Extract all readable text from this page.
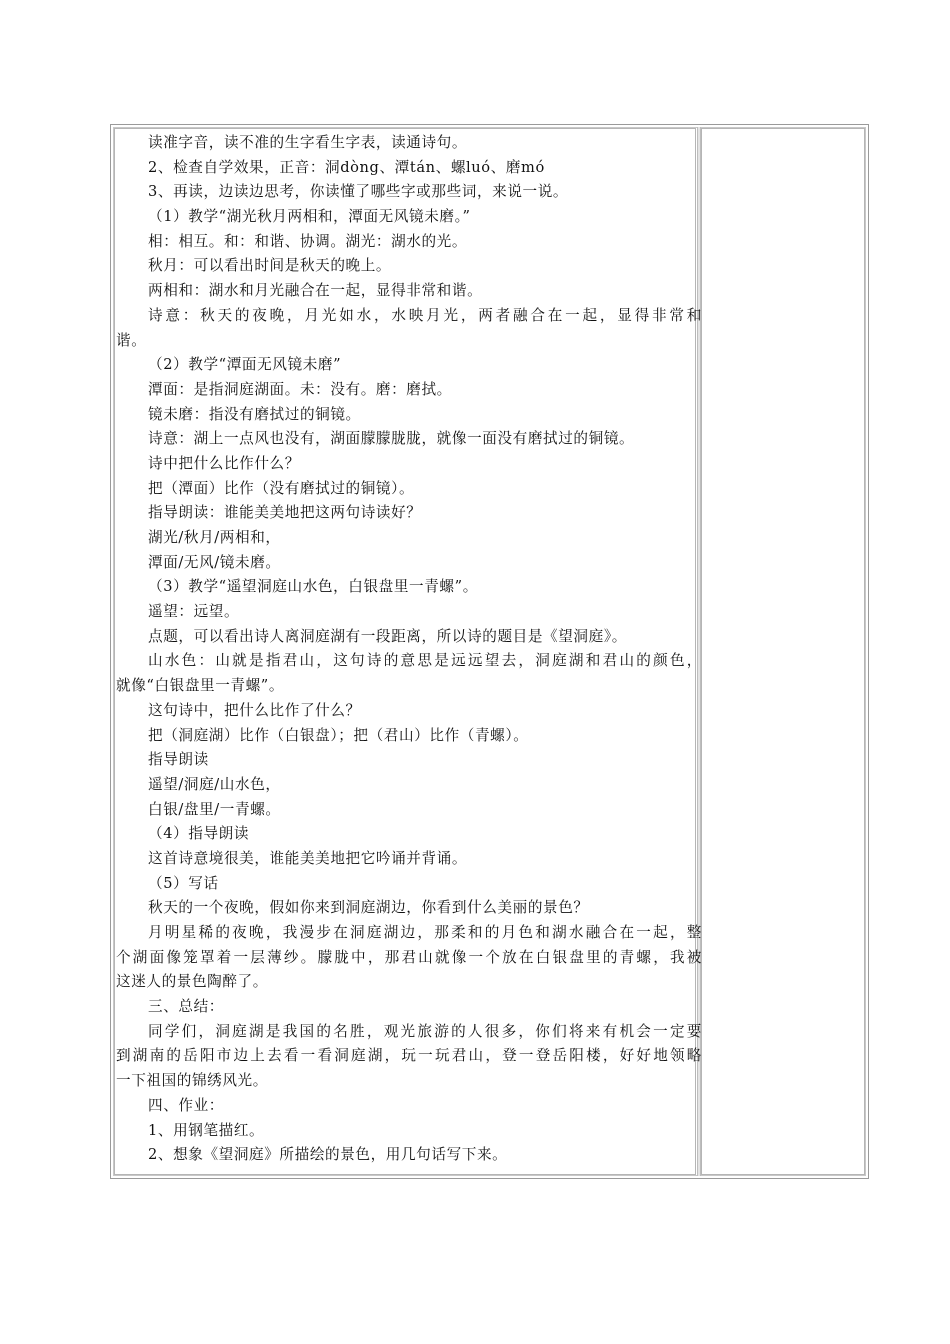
读准字音，读不准的生字看生字表，读通诗句。
2、检查自学效果，正音：洞dòng、潭tán、螺luó、磨mó
3、再读，边读边思考，你读懂了哪些字或那些词，来说一说。
（1）教学“湖光秋月两相和，潭面无风镜未磨。”
相：相互。和：和谐、协调。湖光：湖水的光。
秋月：可以看出时间是秋天的晚上。
两相和：湖水和月光融合在一起，显得非常和谐。
诗意：秋天的夜晚，月光如水，水映月光，两者融合在一起，显得非常和
谐。
（2）教学“潭面无风镜未磨”
潭面：是指洞庭湖面。未：没有。磨：磨拭。
镜未磨：指没有磨拭过的铜镜。
诗意：湖上一点风也没有，湖面朦朦胧胧，就像一面没有磨拭过的铜镜。
诗中把什么比作什么？
把（潭面）比作（没有磨拭过的铜镜）。
指导朗读：谁能美美地把这两句诗读好？
湖光/秋月/两相和，
潭面/无风/镜未磨。
（3）教学“遥望洞庭山水色，白银盘里一青螺”。
遥望：远望。
点题，可以看出诗人离洞庭湖有一段距离，所以诗的题目是《望洞庭》。
山水色：山就是指君山，这句诗的意思是远远望去，洞庭湖和君山的颜色，
就像“白银盘里一青螺”。
这句诗中，把什么比作了什么？
把（洞庭湖）比作（白银盘）；把（君山）比作（青螺）。
指导朗读
遥望/洞庭/山水色，
白银/盘里/一青螺。
（4）指导朗读
这首诗意境很美，谁能美美地把它吟诵并背诵。
（5）写话
秋天的一个夜晚，假如你来到洞庭湖边，你看到什么美丽的景色？
月明星稀的夜晚，我漫步在洞庭湖边，那柔和的月色和湖水融合在一起，整
个湖面像笼罩着一层薄纱。朦胧中，那君山就像一个放在白银盘里的青螺，我被
这迷人的景色陶醉了。
三、总结：
同学们，洞庭湖是我国的名胜，观光旅游的人很多，你们将来有机会一定要
到湖南的岳阳市边上去看一看洞庭湖，玩一玩君山，登一登岳阳楼，好好地领略
一下祖国的锦绣风光。
四、作业：
1、用钢笔描红。
2、想象《望洞庭》所描绘的景色，用几句话写下来。
